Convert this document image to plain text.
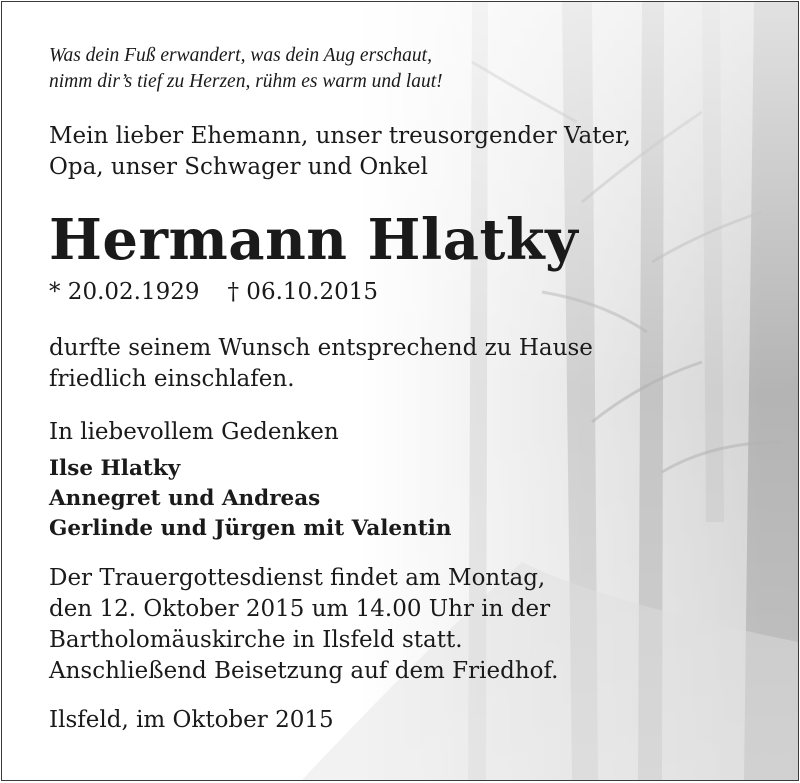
Was dein Fuß erwandert, was dein Aug erschaut,
nimm dir’s tief zu Herzen, rühm es warm und laut!

Mein lieber Ehemann, unser treusorgender Vater,
Opa, unser Schwager und Onkel

Hermann Hlatky

* 20.02.1929 † 06.10.2015

durfte seinem Wunsch entsprechend zu Hause
friedlich einschlafen.

In liebevollem Gedenken

Ilse Hlatky
Annegret und Andreas
Gerlinde und Jürgen mit Valentin

Der Trauergottesdienst findet am Montag,
den 12. Oktober 2015 um 14.00 Uhr in der
Bartholomäuskirche in Ilsfeld statt.
Anschließend Beisetzung auf dem Friedhof.

Ilsfeld, im Oktober 2015
